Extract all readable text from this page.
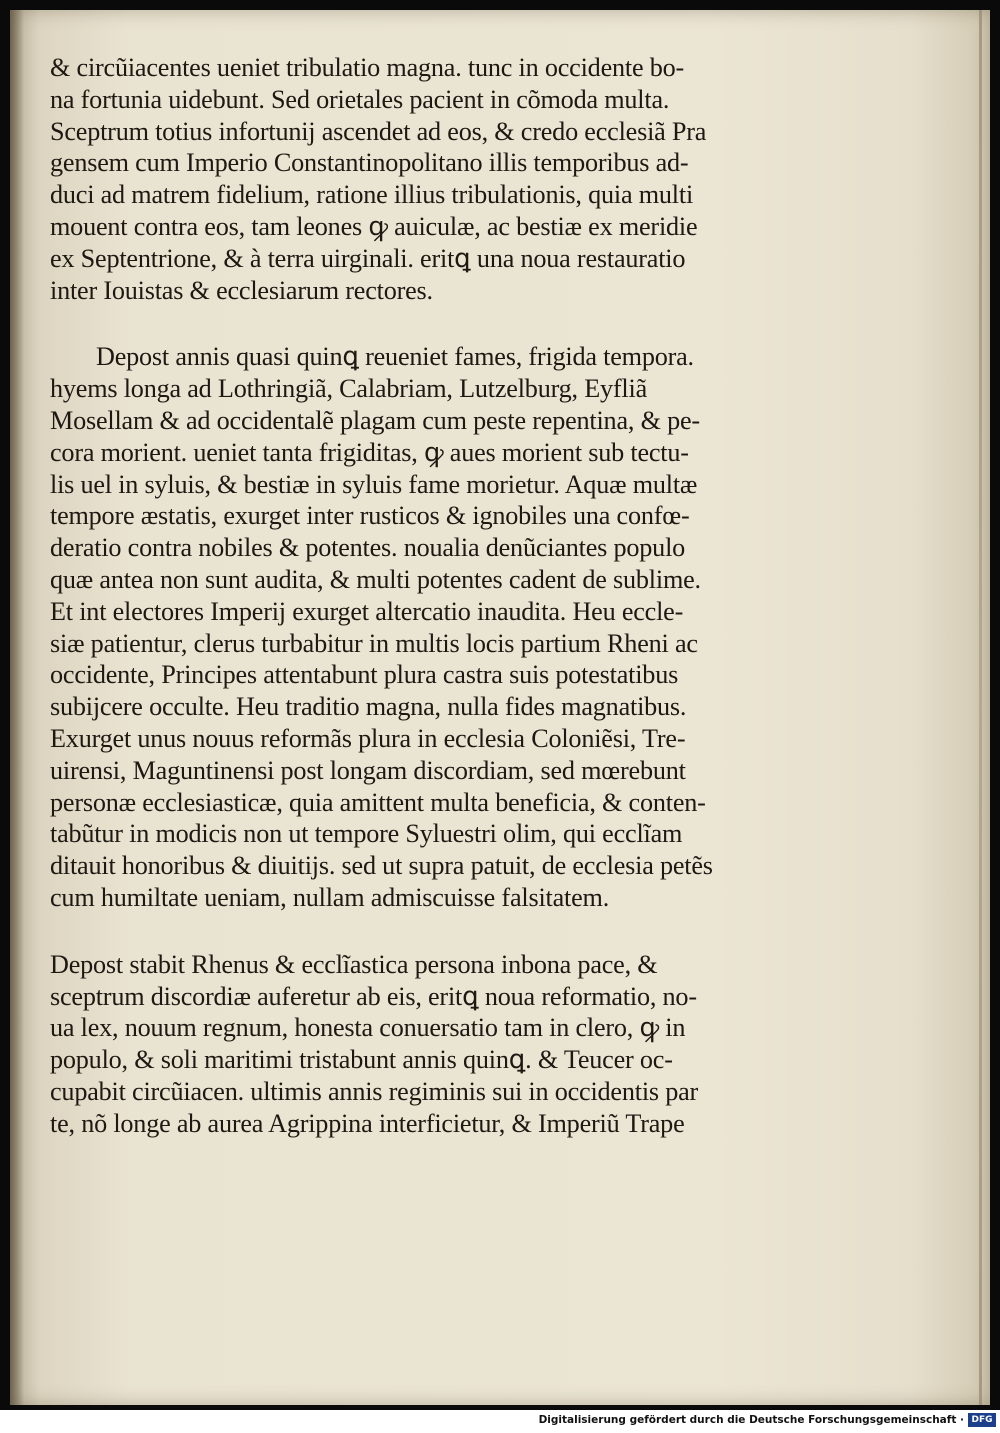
& circũiacentes ueniet tribulatio magna. tunc in occidente bo-
na fortunia uidebunt. Sed orietales pacient in cõmoda multa.
Sceptrum totius infortunij ascendet ad eos, & credo ecclesiã Pra
gensem cum Imperio Constantinopolitano illis temporibus ad-
duci ad matrem fidelium, ratione illius tribulationis, quia multi
mouent contra eos, tam leones ꝙ auiculæ, ac bestiæ ex meridie
ex Septentrione, & à terra uirginali. eritꝗ una noua restauratio
inter Iouistas & ecclesiarum rectores.
Depost annis quasi quinꝗ reueniet fames, frigida tempora.
hyems longa ad Lothringiã, Calabriam, Lutzelburg, Eyfliã
Mosellam & ad occidentalẽ plagam cum peste repentina, & pe-
cora morient. ueniet tanta frigiditas, ꝙ aues morient sub tectu-
lis uel in syluis, & bestiæ in syluis fame morietur. Aquæ multæ
tempore æstatis, exurget inter rusticos & ignobiles una confœ-
deratio contra nobiles & potentes. noualia denũciantes populo
quæ antea non sunt audita, & multi potentes cadent de sublime.
Et int electores Imperij exurget altercatio inaudita. Heu eccle-
siæ patientur, clerus turbabitur in multis locis partium Rheni ac
occidente, Principes attentabunt plura castra suis potestatibus
subijcere occulte. Heu traditio magna, nulla fides magnatibus.
Exurget unus nouus reformãs plura in ecclesia Coloniẽsi, Tre-
uirensi, Maguntinensi post longam discordiam, sed mœrebunt
personæ ecclesiasticæ, quia amittent multa beneficia, & conten-
tabũtur in modicis non ut tempore Syluestri olim, qui ecclĩam
ditauit honoribus & diuitijs. sed ut supra patuit, de ecclesia petẽs
cum humiltate ueniam, nullam admiscuisse falsitatem.
Depost stabit Rhenus & ecclĩastica persona inbona pace, &
sceptrum discordiæ auferetur ab eis, eritꝗ noua reformatio, no-
ua lex, nouum regnum, honesta conuersatio tam in clero, ꝙ in
populo, & soli maritimi tristabunt annis quinꝗ. & Teucer oc-
cupabit circũiacen. ultimis annis regiminis sui in occidentis par
te, nõ longe ab aurea Agrippina interficietur, & Imperiũ Trape
Digitalisierung gefördert durch die Deutsche Forschungsgemeinschaft · DFG
